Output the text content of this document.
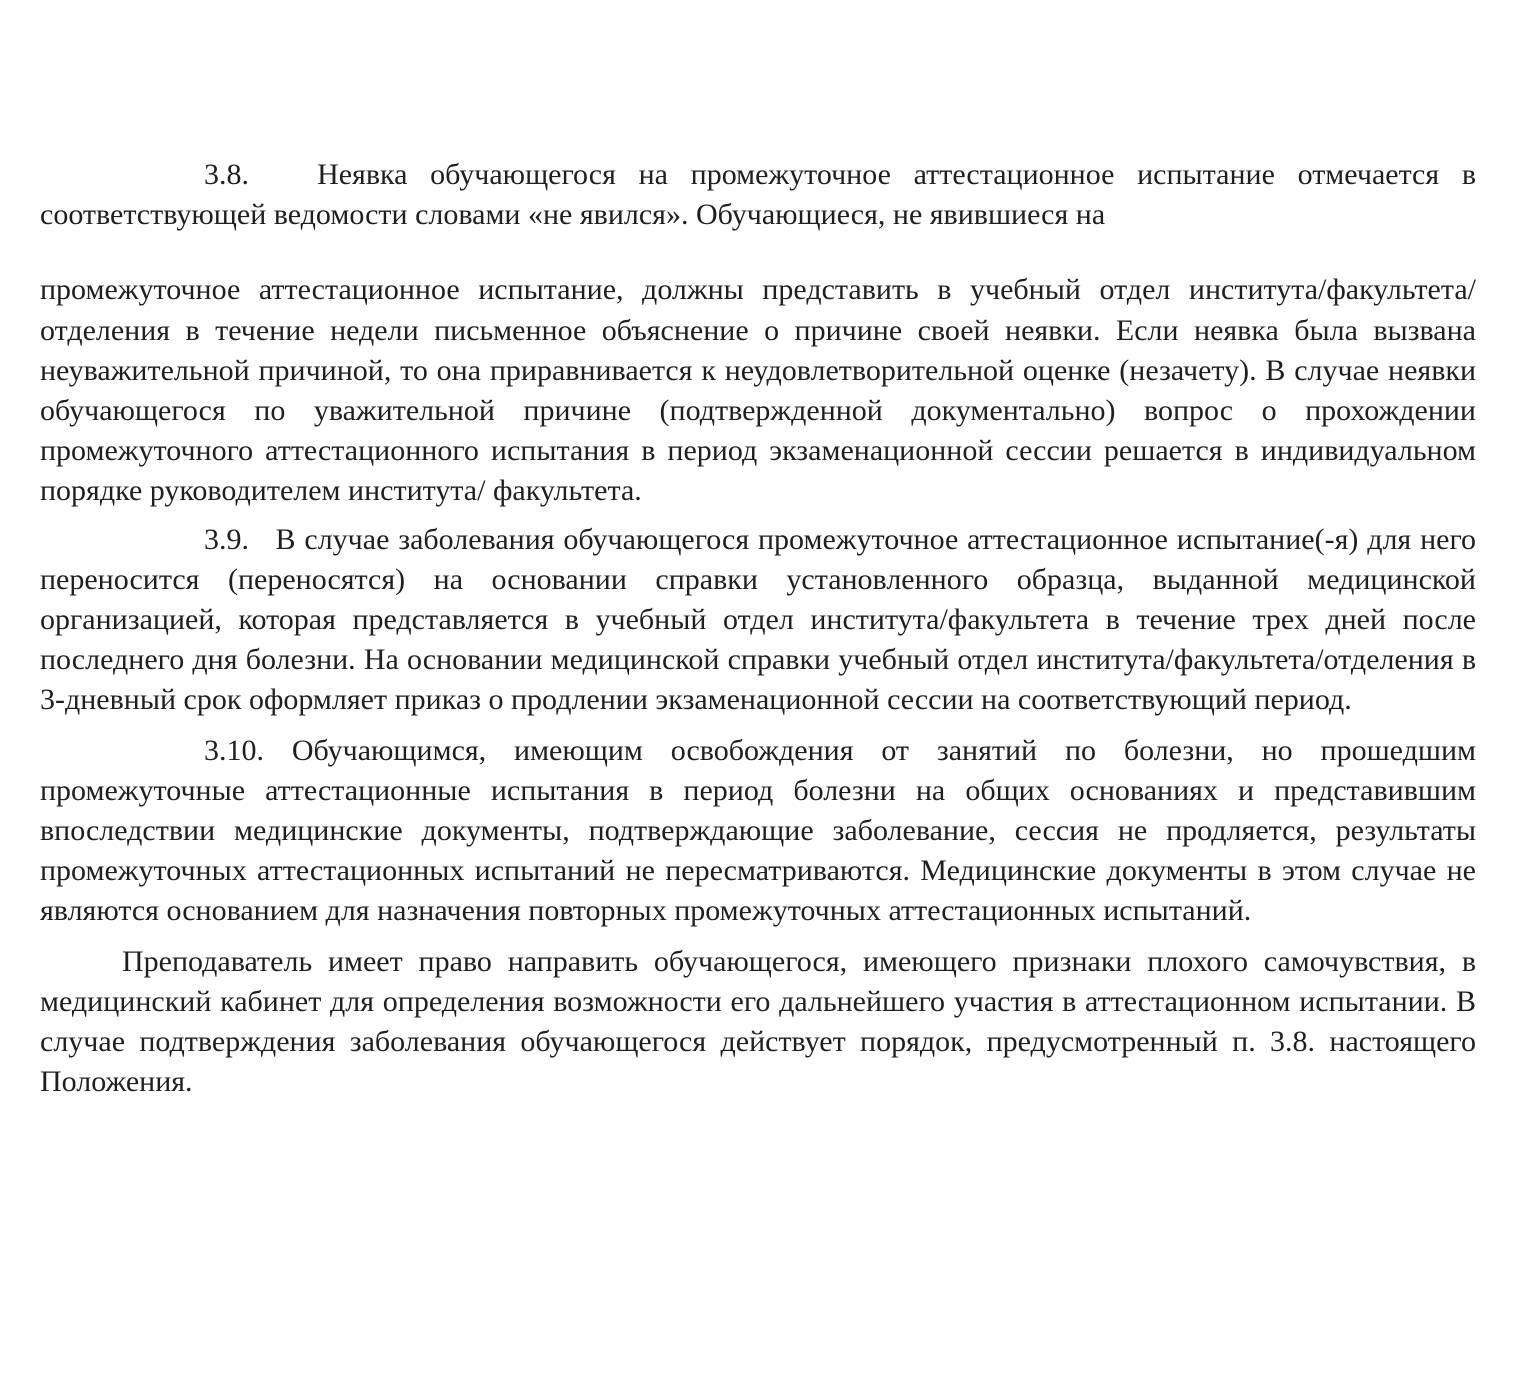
3.8. Неявка обучающегося на промежуточное аттестационное испытание отмечается в соответствующей ведомости словами «не явился». Обучающиеся, не явившиеся на

промежуточное аттестационное испытание, должны представить в учебный отдел института/факультета/отделения в течение недели письменное объяснение о причине своей неявки. Если неявка была вызвана неуважительной причиной, то она приравнивается к неудовлетворительной оценке (незачету). В случае неявки обучающегося по уважительной причине (подтвержденной документально) вопрос о прохождении промежуточного аттестационного испытания в период экзаменационной сессии решается в индивидуальном порядке руководителем института/ факультета.

3.9. В случае заболевания обучающегося промежуточное аттестационное испытание(-я) для него переносится (переносятся) на основании справки установленного образца, выданной медицинской организацией, которая представляется в учебный отдел института/факультета в течение трех дней после последнего дня болезни. На основании медицинской справки учебный отдел института/факультета/отделения в 3-дневный срок оформляет приказ о продлении экзаменационной сессии на соответствующий период.

3.10. Обучающимся, имеющим освобождения от занятий по болезни, но прошедшим промежуточные аттестационные испытания в период болезни на общих основаниях и представившим впоследствии медицинские документы, подтверждающие заболевание, сессия не продляется, результаты промежуточных аттестационных испытаний не пересматриваются. Медицинские документы в этом случае не являются основанием для назначения повторных промежуточных аттестационных испытаний.

Преподаватель имеет право направить обучающегося, имеющего признаки плохого самочувствия, в медицинский кабинет для определения возможности его дальнейшего участия в аттестационном испытании. В случае подтверждения заболевания обучающегося действует порядок, предусмотренный п. 3.8. настоящего Положения.
